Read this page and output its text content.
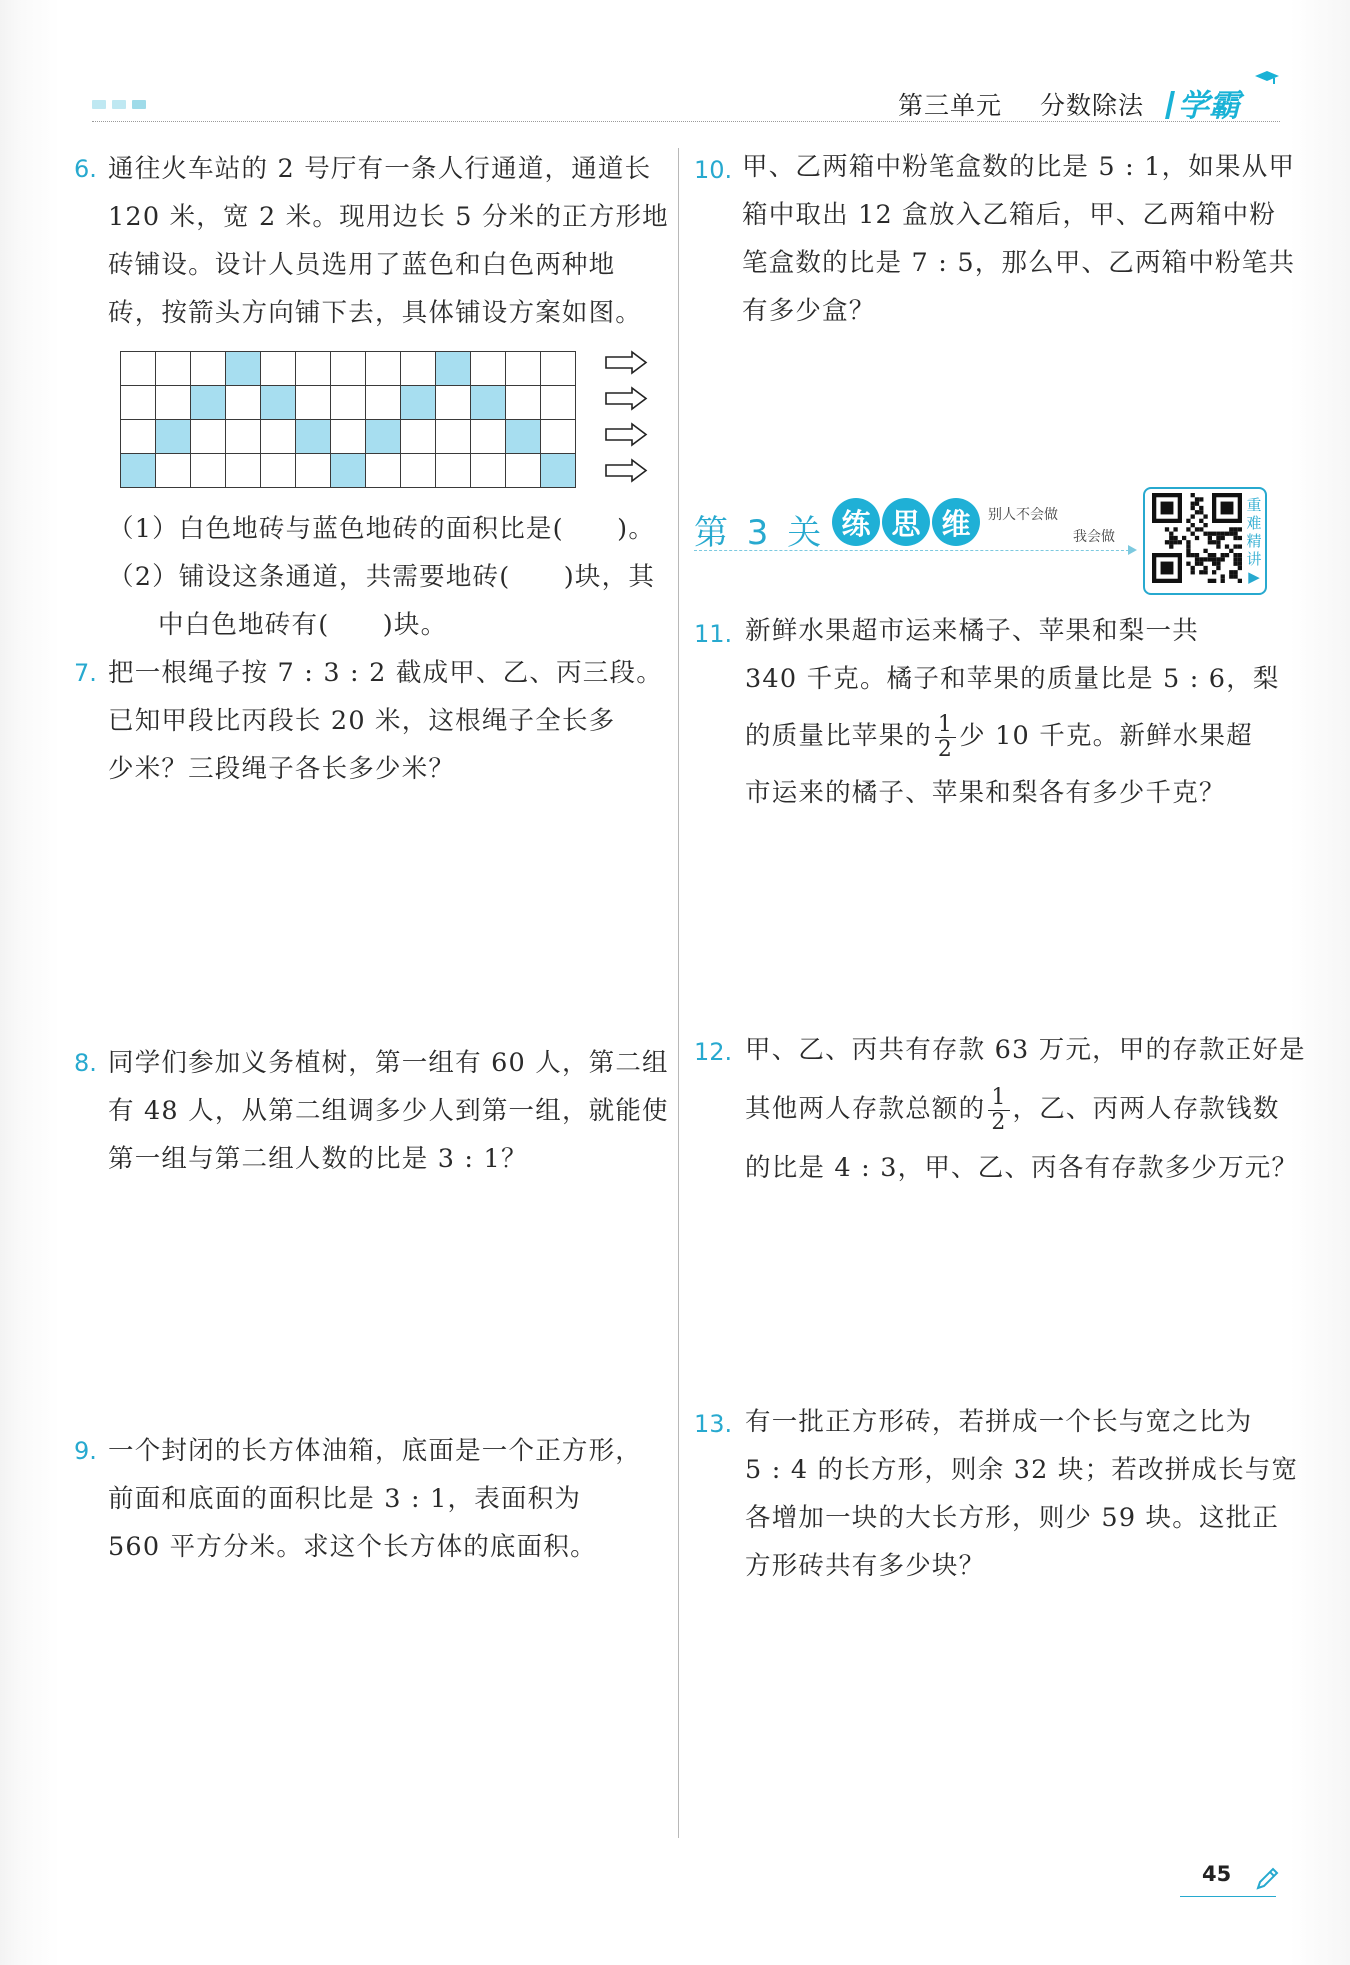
第三单元 分数除法	学霸
6. 通往火车站的 2 号厅有一条人行通道，通道长

120 米，宽 2 米。现用边长 5 分米的正方形地

砖铺设。设计人员选用了蓝色和白色两种地

砖，按箭头方向铺下去，具体铺设方案如图。

（1）白色地砖与蓝色地砖的面积比是(　　)。

（2）铺设这条通道，共需要地砖(　　)块，其

中白色地砖有(　　)块。

7. 把一根绳子按 7 : 3 : 2 截成甲、乙、丙三段。

已知甲段比丙段长 20 米，这根绳子全长多

少米？三段绳子各长多少米？

8. 同学们参加义务植树，第一组有 60 人，第二组

有 48 人，从第二组调多少人到第一组，就能使

第一组与第二组人数的比是 3 : 1？

9. 一个封闭的长方体油箱，底面是一个正方形，

前面和底面的面积比是 3 : 1，表面积为

560 平方分米。求这个长方体的底面积。

10. 甲、乙两箱中粉笔盒数的比是 5 : 1，如果从甲

箱中取出 12 盒放入乙箱后，甲、乙两箱中粉

笔盒数的比是 7 : 5，那么甲、乙两箱中粉笔共

有多少盒？

第 3 关 练 思 维	别人不会做
我会做
重
难
精
讲
▶
11. 新鲜水果超市运来橘子、苹果和梨一共

340 千克。橘子和苹果的质量比是 5 : 6，梨

的质量比苹果的 $\frac{1}{2}$ 少 10 千克。新鲜水果超

市运来的橘子、苹果和梨各有多少千克？

12. 甲、乙、丙共有存款 63 万元，甲的存款正好是

其他两人存款总额的 $\frac{1}{2}$ ，乙、丙两人存款钱数

的比是 4 : 3，甲、乙、丙各有存款多少万元？

13. 有一批正方形砖，若拼成一个长与宽之比为

5 : 4 的长方形，则余 32 块；若改拼成长与宽

各增加一块的大长方形，则少 59 块。这批正

方形砖共有多少块？

45
